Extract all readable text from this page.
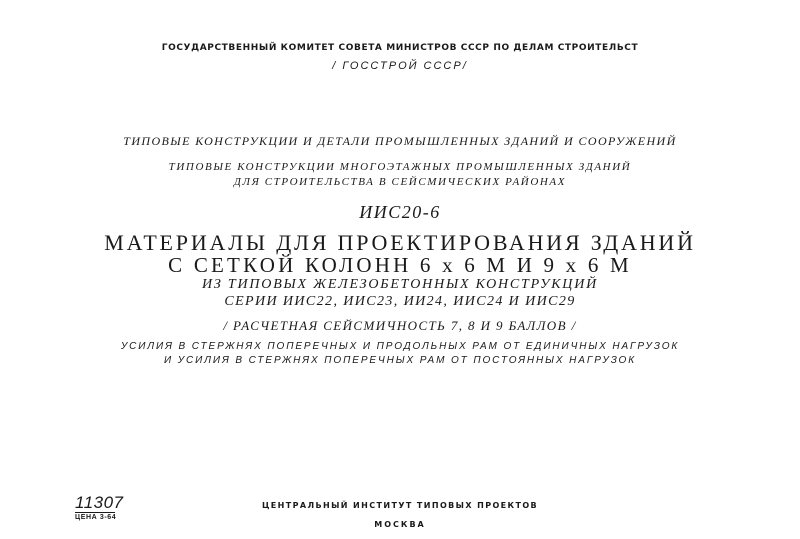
ГОСУДАРСТВЕННЫЙ КОМИТЕТ СОВЕТА МИНИСТРОВ СССР ПО ДЕЛАМ СТРОИТЕЛЬСТ
/ ГОССТРОЙ СССР/
ТИПОВЫЕ КОНСТРУКЦИИ И ДЕТАЛИ ПРОМЫШЛЕННЫХ ЗДАНИЙ И СООРУЖЕНИЙ
ТИПОВЫЕ КОНСТРУКЦИИ МНОГОЭТАЖНЫХ ПРОМЫШЛЕННЫХ ЗДАНИЙ
ДЛЯ СТРОИТЕЛЬСТВА В СЕЙСМИЧЕСКИХ РАЙОНАХ
ИИС20-6
МАТЕРИАЛЫ ДЛЯ ПРОЕКТИРОВАНИЯ ЗДАНИЙ
С СЕТКОЙ КОЛОНН 6 х 6 М И 9 х 6 М
ИЗ ТИПОВЫХ ЖЕЛЕЗОБЕТОННЫХ КОНСТРУКЦИЙ
СЕРИИ ИИС22, ИИС23, ИИ24, ИИС24 И ИИС29
/ РАСЧЕТНАЯ СЕЙСМИЧНОСТЬ 7, 8 И 9 БАЛЛОВ /
УСИЛИЯ В СТЕРЖНЯХ ПОПЕРЕЧНЫХ И ПРОДОЛЬНЫХ РАМ ОТ ЕДИНИЧНЫХ НАГРУЗОК
И УСИЛИЯ В СТЕРЖНЯХ ПОПЕРЕЧНЫХ РАМ ОТ ПОСТОЯННЫХ НАГРУЗОК
11307
ЦЕНА 3-64
ЦЕНТРАЛЬНЫЙ ИНСТИТУТ ТИПОВЫХ ПРОЕКТОВ
МОСКВА
